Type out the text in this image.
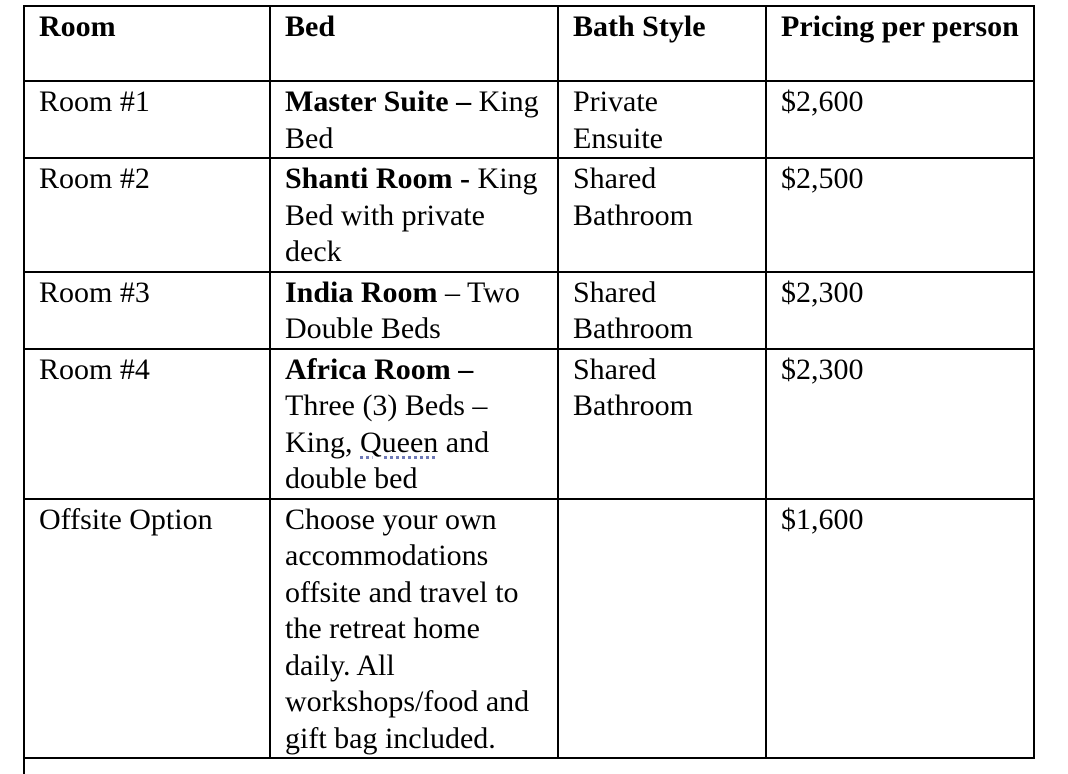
Room	Bed	Bath Style	Pricing per person
Room #1	Master Suite – King Bed	Private Ensuite	$2,600
Room #2	Shanti Room - King Bed with private deck	Shared Bathroom	$2,500
Room #3	India Room – Two Double Beds	Shared Bathroom	$2,300
Room #4	Africa Room – Three (3) Beds – King, Queen and double bed	Shared Bathroom	$2,300
Offsite Option	Choose your own accommodations offsite and travel to the retreat home daily. All workshops/food and gift bag included.		$1,600
